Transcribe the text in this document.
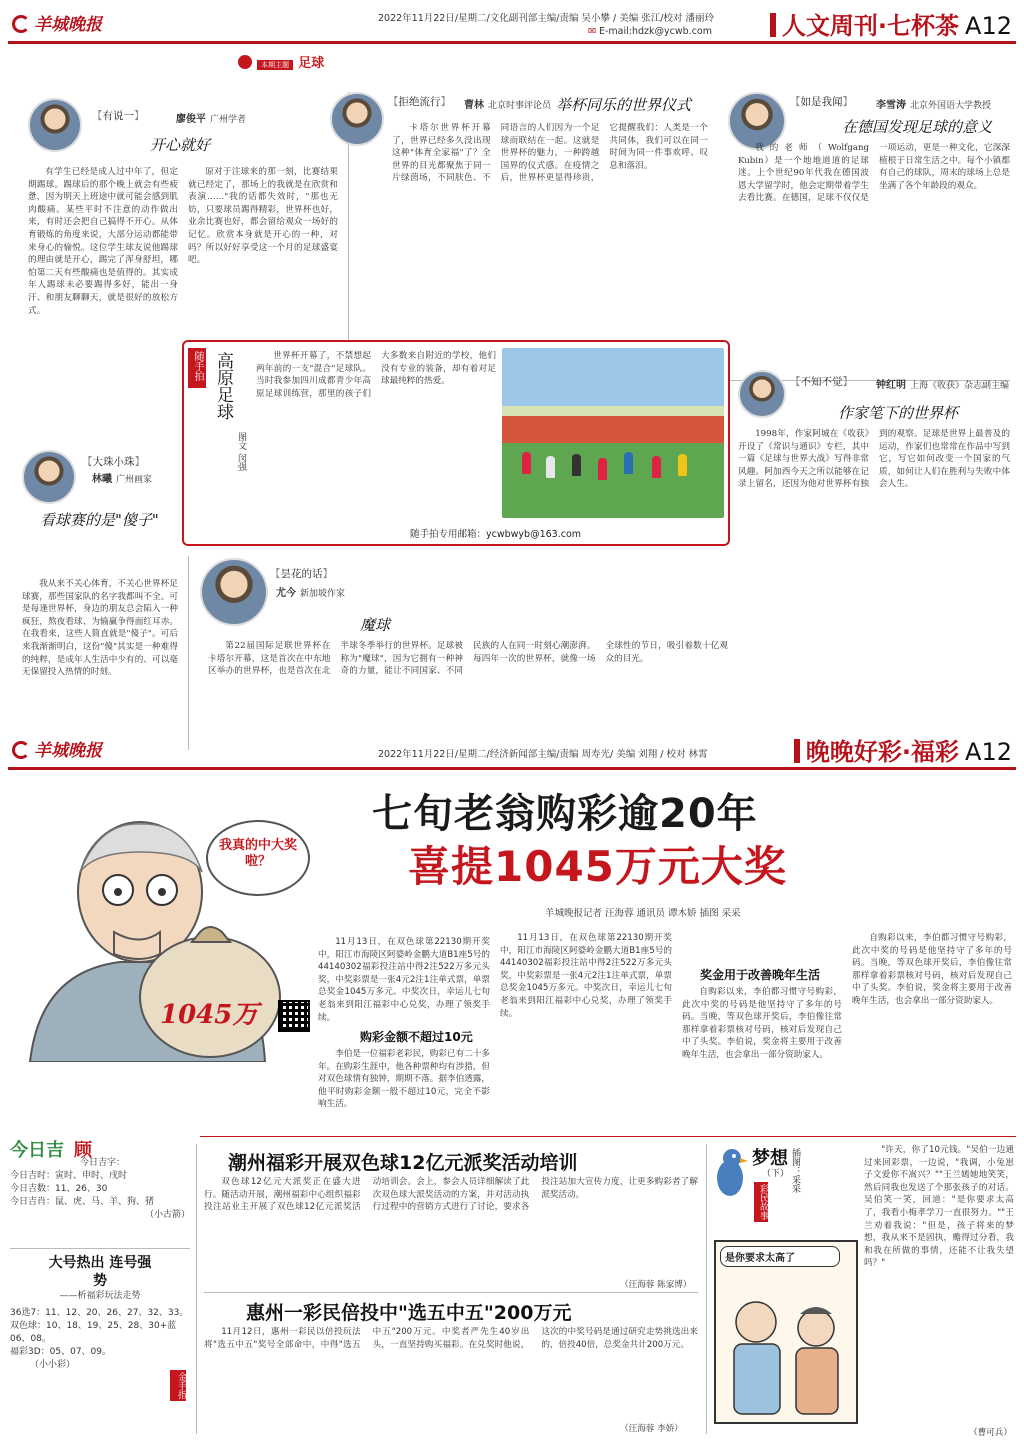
羊城晚报	2022年11月22日/星期二/文化副刊部主编/责编 吴小攀 / 美编 张江/校对 潘丽玲
✉ E-mail:hdzk@ycwb.com	人文周刊·七杯茶 A12
本期主题 足球
【有说一】	廖俊平 广州学者
开心就好

有学生已经是成人过中年了，但定期踢球。踢球后的那个晚上就会有些疲惫，因为明天上班途中就可能会感到肌肉酸痛。某些平时不注意的动作做出来，有时还会把自己搞得不开心。从体育锻炼的角度来说，大部分运动都能带来身心的愉悦。这位学生球友说他踢球的理由就是开心，踢完了浑身舒坦，哪怕第二天有些酸痛也是值得的。其实成年人踢球未必要踢得多好，能出一身汗、和朋友聊聊天，就是很好的放松方式。

原对于注球来的那一刻，比赛结果就已经定了，那场上的我就是在欣赏和表演……"我的话都失效时，"那也无妨，只要球员踢得精彩，世界杯也好，业余比赛也好，都会留给观众一场好的记忆。欣赏本身就是开心的一种，对吗？所以好好享受这一个月的足球盛宴吧。

【拒绝流行】 曹林 北京时事评论员 举杯同乐的世界仪式

卡塔尔世界杯开幕了，世界已经多久没出现这种"体育全家福"了？全世界的目光都聚焦于同一片绿茵场，不同肤色、不同语言的人们因为一个足球而联结在一起。这就是世界杯的魅力，一种跨越国界的仪式感。在疫情之后，世界杯更显得珍贵，它提醒我们：人类是一个共同体，我们可以在同一时间为同一件事欢呼、叹息和落泪。

【如是我闻】 李雪涛 北京外国语大学教授
在德国发现足球的意义

我的老师（Wolfgang Kubin）是一个地地道道的足球迷。上个世纪90年代我在德国波恩大学留学时，他会定期带着学生去看比赛。在德国，足球不仅仅是一项运动，更是一种文化，它深深植根于日常生活之中。每个小镇都有自己的球队，周末的球场上总是坐满了各个年龄段的观众。

随手拍 高原足球
图文 闵强

世界杯开幕了，不禁想起两年前的一支"混合"足球队。当时我参加四川成都青少年高原足球训练营，那里的孩子们大多数来自附近的学校，他们没有专业的装备，却有着对足球最纯粹的热爱。

随手拍专用邮箱：ycwbwyb@163.com
【大珠小珠】
林曦 广州画家
看球赛的是"傻子"

我从来不关心体育，不关心世界杯足球赛，那些国家队的名字我都叫不全。可是每逢世界杯，身边的朋友总会陷入一种疯狂，熬夜看球、为输赢争得面红耳赤。在我看来，这些人简直就是"傻子"。可后来我渐渐明白，这份"傻"其实是一种难得的纯粹，是成年人生活中少有的、可以毫无保留投入热情的时刻。

【昙花的话】
尤今 新加坡作家
魔球

第22届国际足联世界杯在卡塔尔开幕，这是首次在中东地区举办的世界杯，也是首次在北半球冬季举行的世界杯。足球被称为"魔球"，因为它拥有一种神奇的力量，能让不同国家、不同民族的人在同一时刻心潮澎湃。每四年一次的世界杯，就像一场全球性的节日，吸引着数十亿观众的目光。

【不知不觉】 钟红明 上海《收获》杂志副主编
作家笔下的世界杯

1998年，作家阿城在《收获》开设了《常识与通识》专栏，其中一篇《足球与世界大战》写得非常风趣。阿加西今天之所以能够在记录上留名，还因为他对世界杯有独到的观察。足球是世界上最普及的运动，作家们也常常在作品中写到它，写它如何改变一个国家的气质，如何让人们在胜利与失败中体会人生。

羊城晚报	2022年11月22日/星期二/经济新闻部主编/责编 周寿光/ 美编 刘翔 / 校对 林霄	晚晚好彩·福彩 A12
我真的中大奖啦？
1045万
七旬老翁购彩逾20年
喜提1045万元大奖
羊城晚报记者 汪海蓉 通讯员 谭木娇 插图 采采

11月13日，在双色球第22130期开奖中，阳江市海陵区阿婆岭金鹏大道B1座5号的44140302福彩投注站中得2注522万多元头奖，中奖彩票是一张4元2注1注单式票，单票总奖金1045万多元。中奖次日，幸运儿七旬老翁来到阳江福彩中心兑奖，办理了领奖手续。

购彩金额不超过10元

李伯是一位福彩老彩民，购彩已有二十多年。在购彩生涯中，他各种票种均有涉猎，但对双色球情有独钟，期期不落。据李伯透露，他平时购彩金额一般不超过10元，完全不影响生活。

11月13日，在双色球第22130期开奖中，阳江市海陵区阿婆岭金鹏大道B1座5号的44140302福彩投注站中得2注522万多元头奖，中奖彩票是一张4元2注1注单式票，单票总奖金1045万多元。中奖次日，幸运儿七旬老翁来到阳江福彩中心兑奖，办理了领奖手续。

奖金用于改善晚年生活

自购彩以来，李伯都习惯守号购彩，此次中奖的号码是他坚持守了多年的号码。当晚，等双色球开奖后，李伯像往常那样拿着彩票核对号码，核对后发现自己中了头奖。李伯说，奖金将主要用于改善晚年生活，也会拿出一部分资助家人。

自购彩以来，李伯都习惯守号购彩，此次中奖的号码是他坚持守了多年的号码。当晚，等双色球开奖后，李伯像往常那样拿着彩票核对号码，核对后发现自己中了头奖。李伯说，奖金将主要用于改善晚年生活，也会拿出一部分资助家人。

今日吉 顾
今日吉字：
今日吉时：寅时、申时、戌时
今日吉数：11、26、30
今日吉肖：鼠、虎、马、羊、狗、猪
（小古箭）
大号热出 连号强势
——析福彩玩法走势
36选7：11、12、20、26、27、32、33。
双色球：10、18、19、25、28、30+蓝06、08。
福彩3D：05、07、09。
（小小彩）
金手指
潮州福彩开展双色球12亿元派奖活动培训

双色球12亿元大派奖正在盛大进行。随活动开展，潮州福彩中心组织福彩投注站业主开展了双色球12亿元派奖活动培训会。会上，参会人员详细解读了此次双色球大派奖活动的方案，并对活动执行过程中的营销方式进行了讨论，要求各投注站加大宣传力度，让更多购彩者了解派奖活动。

（汪海蓉 陈家博）
惠州一彩民倍投中"选五中五"200万元

11月12日，惠州一彩民以倍投玩法将"选五中五"奖号全部命中，中得"选五中五"200万元。中奖者严先生40岁出头，一直坚持购买福彩。在兑奖时他说，这次的中奖号码是通过研究走势挑选出来的，倍投40倍，总奖金共计200万元。

（汪海蓉 李娇）
梦想
（下）
彩民故事
插图：采采
是你要求太高了

"许天，你了10元钱。"吴伯一边通过来回彩票，一边说，"我调，小兔崽子文爱你不嵩兴？""王兰嫣她地笑笑，然后同我也发送了个那张孩子的对话。吴伯笑一笑，回道："是你要求太高了，我看小梅孝学刀一直很努力。""王兰劝着我说："但是，孩子将来的梦想，我从来不是固执，赡得过分看，我和我在所做的事情，还能不让我失望吗？"

（曹可兵）
